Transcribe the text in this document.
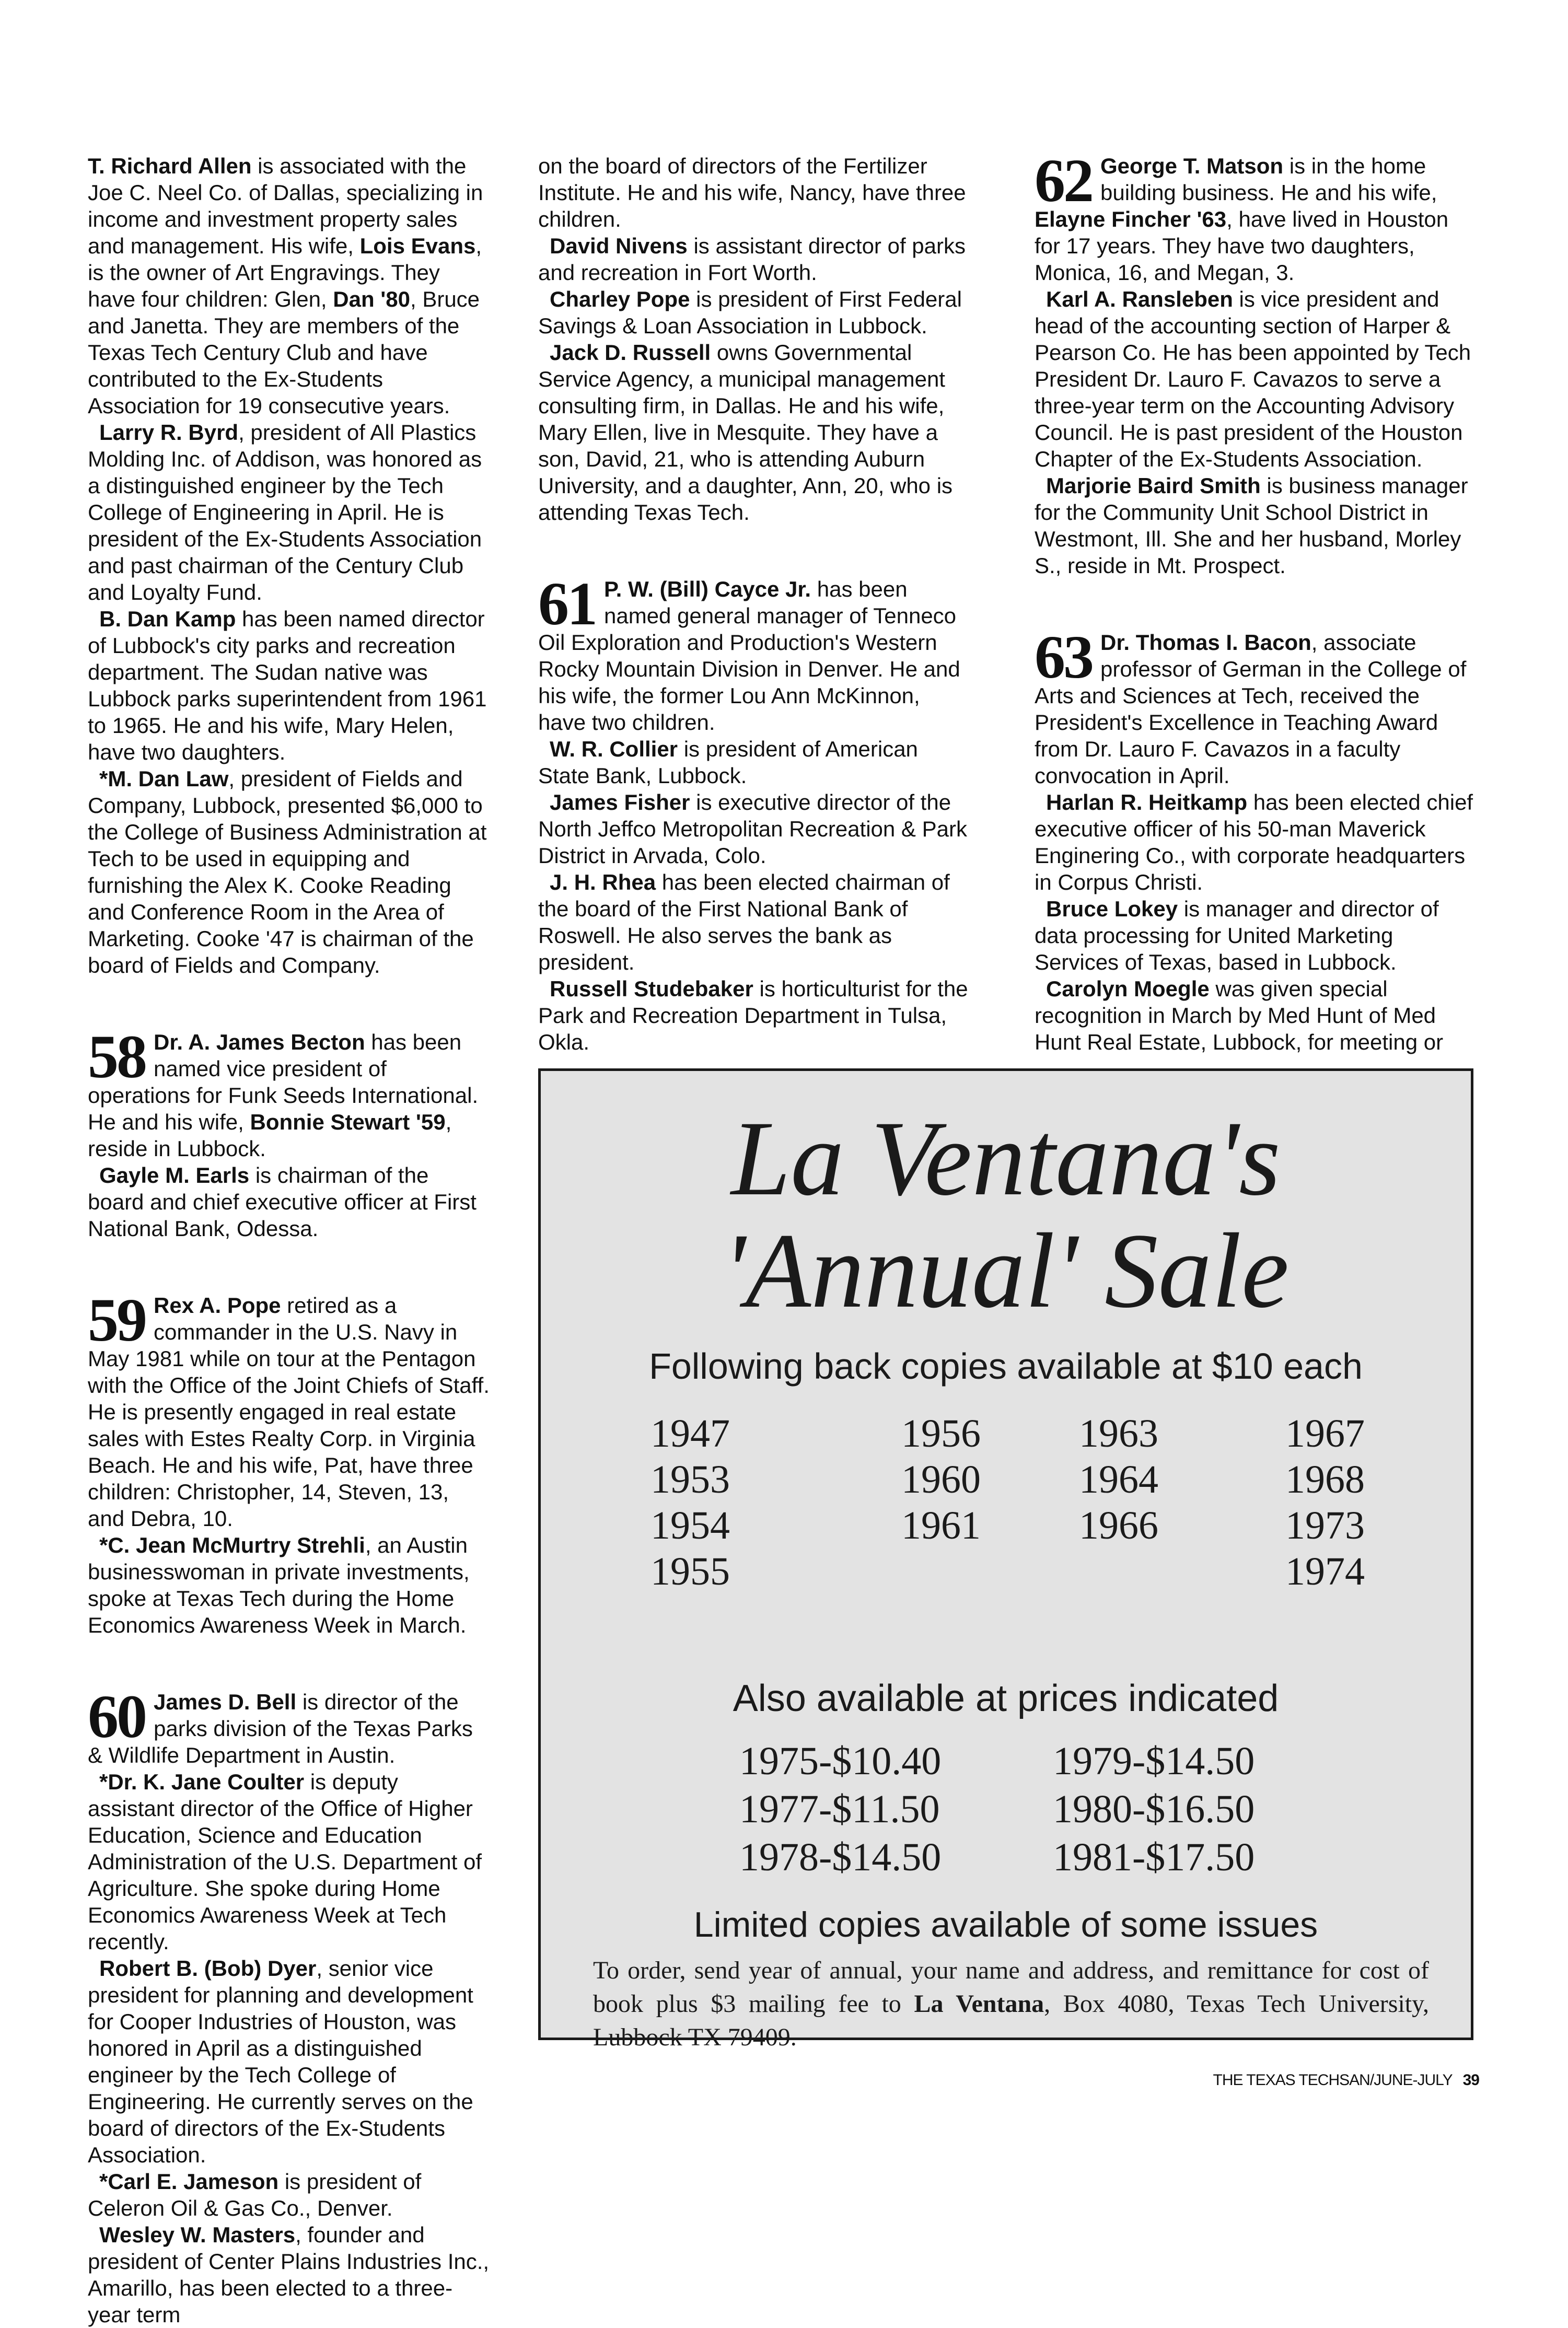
T. Richard Allen is associated with the Joe C. Neel Co. of Dallas, specializing in income and investment property sales and management. His wife, Lois Evans, is the owner of Art Engravings. They have four children: Glen, Dan '80, Bruce and Janetta. They are members of the Texas Tech Century Club and have contributed to the Ex-Students Association for 19 consecutive years.

Larry R. Byrd, president of All Plastics Molding Inc. of Addison, was honored as a distinguished engineer by the Tech College of Engineering in April. He is president of the Ex-Students Association and past chairman of the Century Club and Loyalty Fund.

B. Dan Kamp has been named director of Lubbock's city parks and recreation department. The Sudan native was Lubbock parks superintendent from 1961 to 1965. He and his wife, Mary Helen, have two daughters.

*M. Dan Law, president of Fields and Company, Lubbock, presented $6,000 to the College of Business Administration at Tech to be used in equipping and furnishing the Alex K. Cooke Reading and Conference Room in the Area of Marketing. Cooke '47 is chairman of the board of Fields and Company.

58 Dr. A. James Becton has been named vice president of operations for Funk Seeds International. He and his wife, Bonnie Stewart '59, reside in Lubbock.

Gayle M. Earls is chairman of the board and chief executive officer at First National Bank, Odessa.

59 Rex A. Pope retired as a commander in the U.S. Navy in May 1981 while on tour at the Pentagon with the Office of the Joint Chiefs of Staff. He is presently engaged in real estate sales with Estes Realty Corp. in Virginia Beach. He and his wife, Pat, have three children: Christopher, 14, Steven, 13, and Debra, 10.

*C. Jean McMurtry Strehli, an Austin businesswoman in private investments, spoke at Texas Tech during the Home Economics Awareness Week in March.

60 James D. Bell is director of the parks division of the Texas Parks & Wildlife Department in Austin.

*Dr. K. Jane Coulter is deputy assistant director of the Office of Higher Education, Science and Education Administration of the U.S. Department of Agriculture. She spoke during Home Economics Awareness Week at Tech recently.

Robert B. (Bob) Dyer, senior vice president for planning and development for Cooper Industries of Houston, was honored in April as a distinguished engineer by the Tech College of Engineering. He currently serves on the board of directors of the Ex-Students Association.

*Carl E. Jameson is president of Celeron Oil & Gas Co., Denver.

Wesley W. Masters, founder and president of Center Plains Industries Inc., Amarillo, has been elected to a three-year term

on the board of directors of the Fertilizer Institute. He and his wife, Nancy, have three children.

David Nivens is assistant director of parks and recreation in Fort Worth.

Charley Pope is president of First Federal Savings & Loan Association in Lubbock.

Jack D. Russell owns Governmental Service Agency, a municipal management consulting firm, in Dallas. He and his wife, Mary Ellen, live in Mesquite. They have a son, David, 21, who is attending Auburn University, and a daughter, Ann, 20, who is attending Texas Tech.

61 P. W. (Bill) Cayce Jr. has been named general manager of Tenneco Oil Exploration and Production's Western Rocky Mountain Division in Denver. He and his wife, the former Lou Ann McKinnon, have two children.

W. R. Collier is president of American State Bank, Lubbock.

James Fisher is executive director of the North Jeffco Metropolitan Recreation & Park District in Arvada, Colo.

J. H. Rhea has been elected chairman of the board of the First National Bank of Roswell. He also serves the bank as president.

Russell Studebaker is horticulturist for the Park and Recreation Department in Tulsa, Okla.

62 George T. Matson is in the home building business. He and his wife, Elayne Fincher '63, have lived in Houston for 17 years. They have two daughters, Monica, 16, and Megan, 3.

Karl A. Ransleben is vice president and head of the accounting section of Harper & Pearson Co. He has been appointed by Tech President Dr. Lauro F. Cavazos to serve a three-year term on the Accounting Advisory Council. He is past president of the Houston Chapter of the Ex-Students Association.

Marjorie Baird Smith is business manager for the Community Unit School District in Westmont, Ill. She and her husband, Morley S., reside in Mt. Prospect.

63 Dr. Thomas I. Bacon, associate professor of German in the College of Arts and Sciences at Tech, received the President's Excellence in Teaching Award from Dr. Lauro F. Cavazos in a faculty convocation in April.

Harlan R. Heitkamp has been elected chief executive officer of his 50-man Maverick Enginering Co., with corporate headquarters in Corpus Christi.

Bruce Lokey is manager and director of data processing for United Marketing Services of Texas, based in Lubbock.

Carolyn Moegle was given special recognition in March by Med Hunt of Med Hunt Real Estate, Lubbock, for meeting or

La Ventana's
'Annual' Sale
Following back copies available at $10 each
1947
1953
1954
1955
1956
1960
1961
1963
1964
1966
1967
1968
1973
1974
Also available at prices indicated
1975-$10.40
1977-$11.50
1978-$14.50
1979-$14.50
1980-$16.50
1981-$17.50
Limited copies available of some issues
To order, send year of annual, your name and address, and remittance for cost of book plus $3 mailing fee to La Ventana, Box 4080, Texas Tech University, Lubbock TX 79409.
THE TEXAS TECHSAN/JUNE-JULY 39
